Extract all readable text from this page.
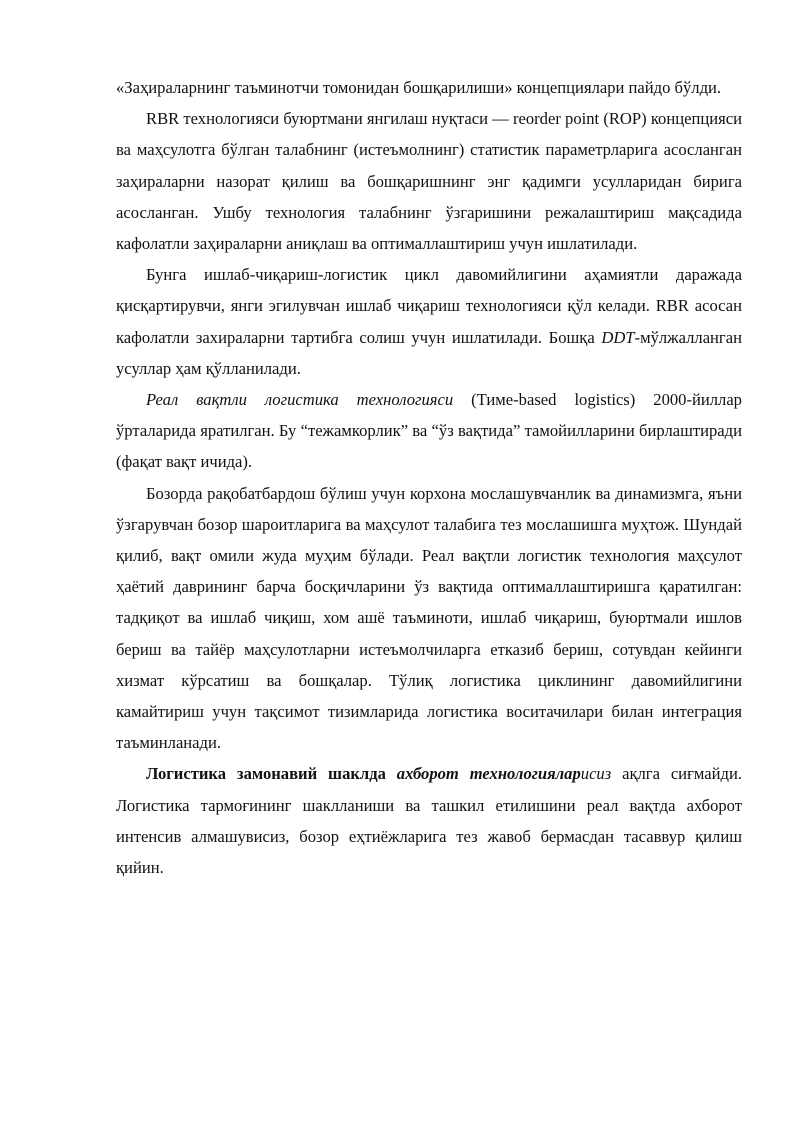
«Заҳираларнинг таъминотчи томонидан бошқарилиши» концепциялари пайдо бўлди.

RBR технологияси буюртмани янгилаш нуқтаси — reorder point (ROP) концепцияси ва маҳсулотга бўлган талабнинг (истеъмолнинг) статистик параметрларига асосланган заҳираларни назорат қилиш ва бошқаришнинг энг қадимги усулларидан бирига асосланган. Ушбу технология талабнинг ўзгаришини режалаштириш мақсадида кафолатли заҳираларни аниқлаш ва оптималлаштириш учун ишлатилади.

Бунга ишлаб-чиқариш-логистик цикл давомийлигини аҳамиятли даражада қисқартирувчи, янги эгилувчан ишлаб чиқариш технологияси қўл келади. RBR асосан кафолатли захираларни тартибга солиш учун ишлатилади. Бошқа DDT-мўлжалланган усуллар ҳам қўлланилади.

Реал вақтли логистика технологияси (Тиме-based logistics) 2000-йиллар ўрталарида яратилган. Бу “тежамкорлик” ва “ўз вақтида” тамойилларини бирлаштиради (фақат вақт ичида).

Бозорда рақобатбардош бўлиш учун корхона мослашувчанлик ва динамизмга, яъни ўзгарувчан бозор шароитларига ва маҳсулот талабига тез мослашишга муҳтож. Шундай қилиб, вақт омили жуда муҳим бўлади. Реал вақтли логистик технология маҳсулот ҳаётий даврининг барча босқичларини ўз вақтида оптималлаштиришга қаратилган: тадқиқот ва ишлаб чиқиш, хом ашё таъминоти, ишлаб чиқариш, буюртмали ишлов бериш ва тайёр маҳсулотларни истеъмолчиларга етказиб бериш, сотувдан кейинги хизмат кўрсатиш ва бошқалар. Тўлиқ логистика циклининг давомийлигини камайтириш учун тақсимот тизимларида логистика воситачилари билан интеграция таъминланади.

Логистика замонавий шаклда ахборот технологияларисиз ақлга сиғмайди. Логистика тармоғининг шаклланиши ва ташкил етилишини реал вақтда ахборот интенсив алмашувисиз, бозор еҳтиёжларига тез жавоб бермасдан тасаввур қилиш қийин.
